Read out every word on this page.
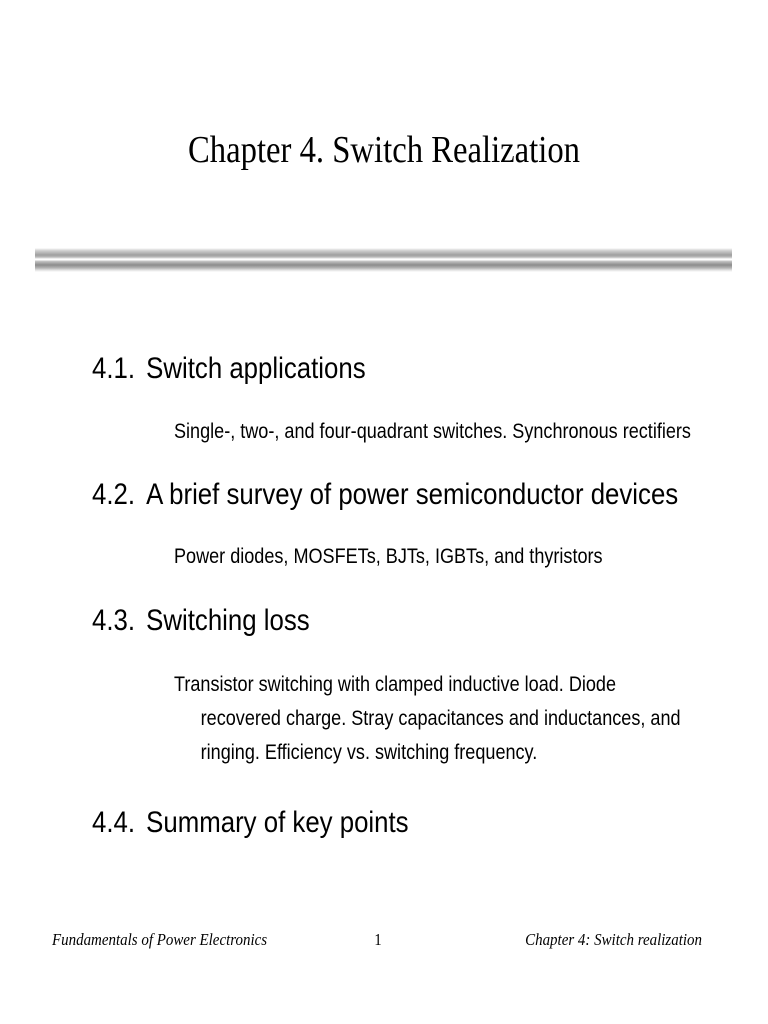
Chapter 4. Switch Realization
4.1. Switch applications
Single-, two-, and four-quadrant switches. Synchronous rectifiers
4.2. A brief survey of power semiconductor devices
Power diodes, MOSFETs, BJTs, IGBTs, and thyristors
4.3. Switching loss
Transistor switching with clamped inductive load. Diode
recovered charge. Stray capacitances and inductances, and
ringing. Efficiency vs. switching frequency.
4.4. Summary of key points
Fundamentals of Power Electronics	1	Chapter 4: Switch realization
